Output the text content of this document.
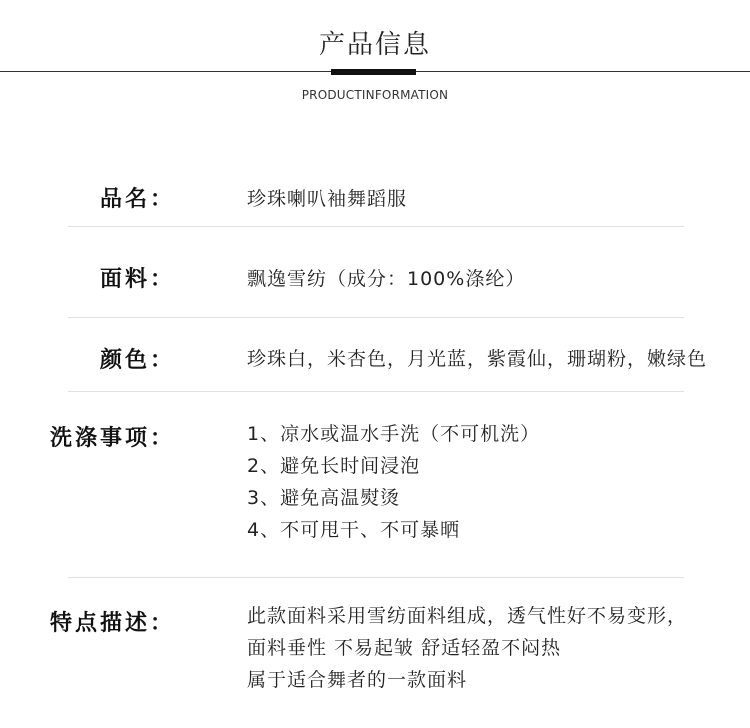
产品信息
PRODUCTINFORMATION
品名：	珍珠喇叭袖舞蹈服
面料：	飘逸雪纺（成分：100%涤纶）
颜色：	珍珠白，米杏色，月光蓝，紫霞仙，珊瑚粉，嫩绿色
洗涤事项：	1、凉水或温水手洗（不可机洗）
2、避免长时间浸泡
3、避免高温熨烫
4、不可甩干、不可暴晒
特点描述：	此款面料采用雪纺面料组成，透气性好不易变形，
面料垂性 不易起皱 舒适轻盈不闷热
属于适合舞者的一款面料
